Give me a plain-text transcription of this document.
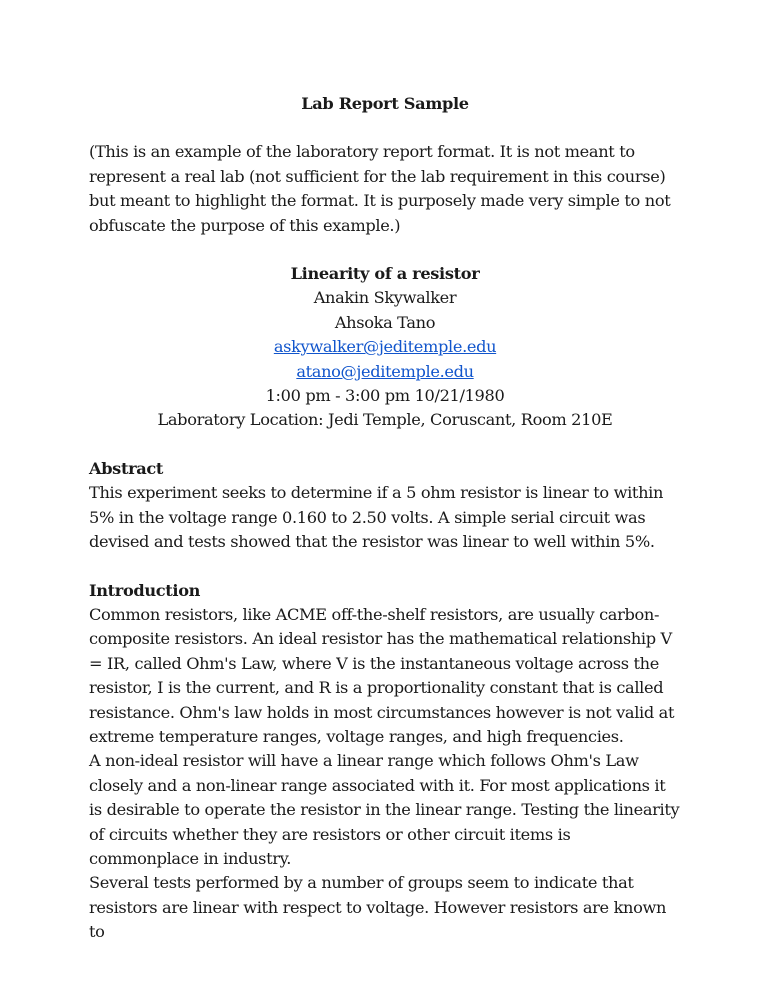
Lab Report Sample

(This is an example of the laboratory report format. It is not meant to represent a real lab (not sufficient for the lab requirement in this course) but meant to highlight the format. It is purposely made very simple to not obfuscate the purpose of this example.)

Linearity of a resistor
Anakin Skywalker
Ahsoka Tano
askywalker@jeditemple.edu
atano@jeditemple.edu
1:00 pm - 3:00 pm 10/21/1980
Laboratory Location: Jedi Temple, Coruscant, Room 210E
Abstract

This experiment seeks to determine if a 5 ohm resistor is linear to within 5% in the voltage range 0.160 to 2.50 volts. A simple serial circuit was devised and tests showed that the resistor was linear to well within 5%.

Introduction

Common resistors, like ACME off-the-shelf resistors, are usually carbon-composite resistors. An ideal resistor has the mathematical relationship V = IR, called Ohm's Law, where V is the instantaneous voltage across the resistor, I is the current, and R is a proportionality constant that is called resistance. Ohm's law holds in most circumstances however is not valid at extreme temperature ranges, voltage ranges, and high frequencies.

A non-ideal resistor will have a linear range which follows Ohm's Law closely and a non-linear range associated with it. For most applications it is desirable to operate the resistor in the linear range. Testing the linearity of circuits whether they are resistors or other circuit items is commonplace in industry.

Several tests performed by a number of groups seem to indicate that resistors are linear with respect to voltage. However resistors are known to
